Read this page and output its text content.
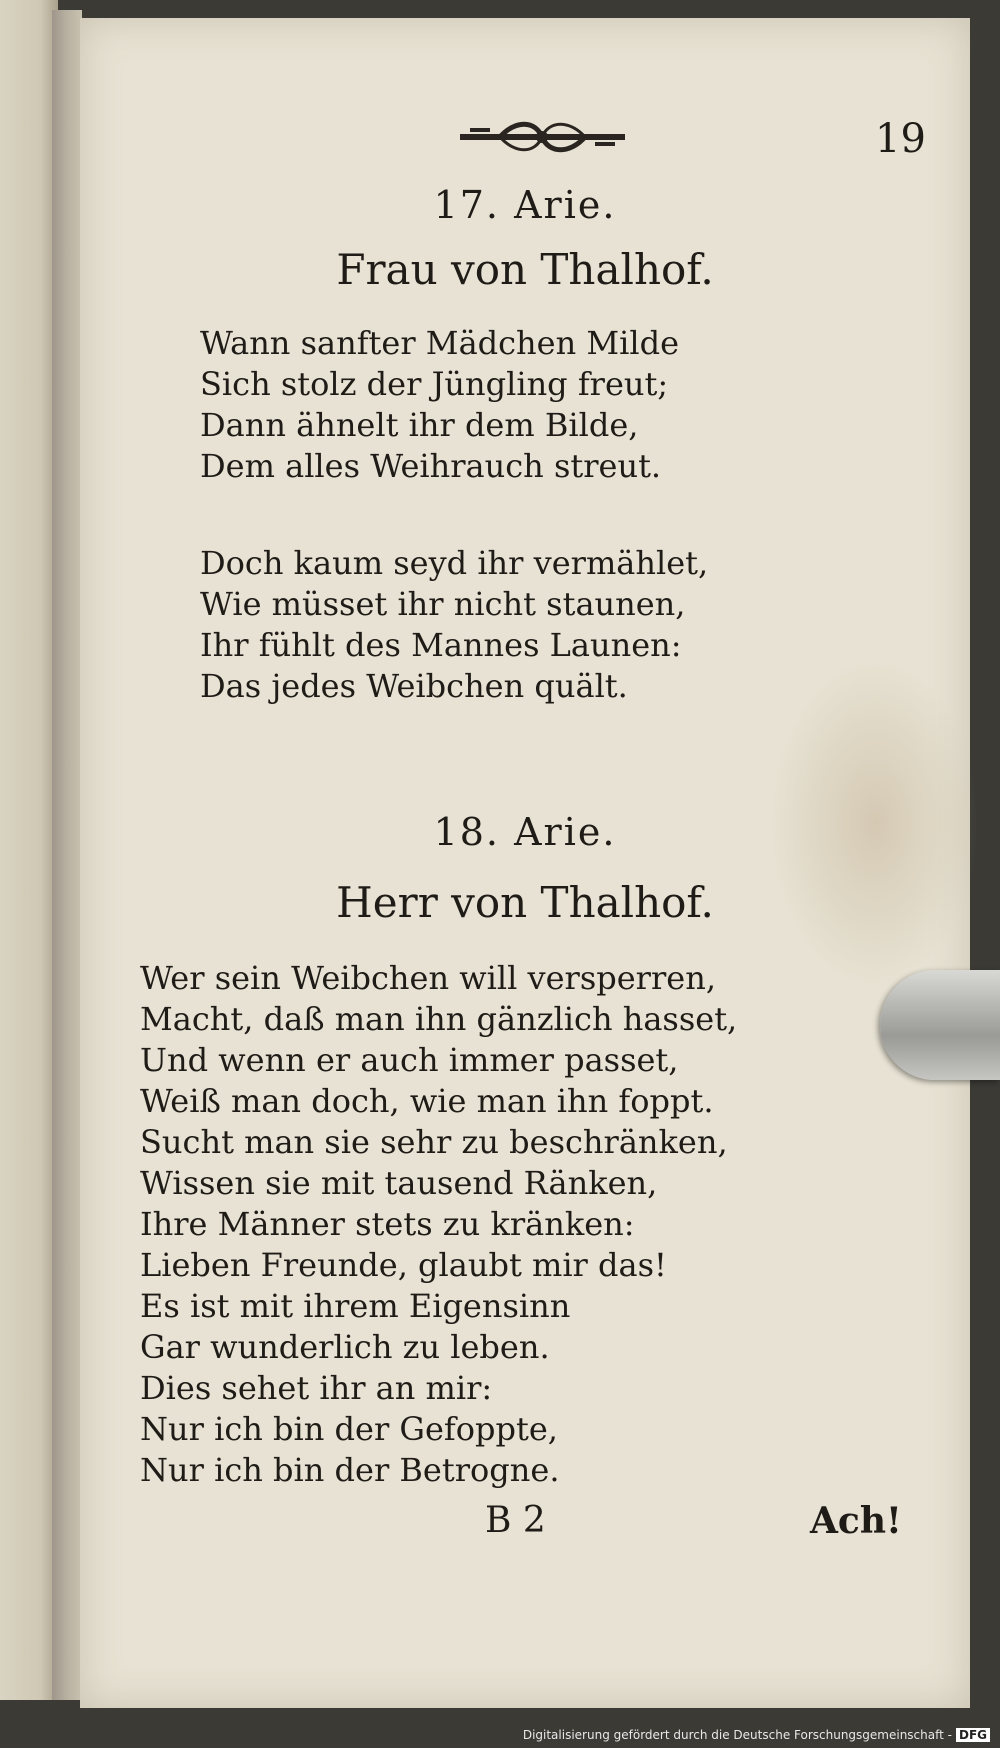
19
17. Arie.
Frau von Thalhof.
Wann sanfter Mädchen Milde
Sich stolz der Jüngling freut;
Dann ähnelt ihr dem Bilde,
Dem alles Weihrauch streut.
Doch kaum seyd ihr vermählet,
Wie müsset ihr nicht staunen,
Ihr fühlt des Mannes Launen:
Das jedes Weibchen quält.
18. Arie.
Herr von Thalhof.
Wer sein Weibchen will versperren,
Macht, daß man ihn gänzlich hasset,
Und wenn er auch immer passet,
Weiß man doch, wie man ihn foppt.
Sucht man sie sehr zu beschränken,
Wissen sie mit tausend Ränken,
Ihre Männer stets zu kränken:
Lieben Freunde, glaubt mir das!
Es ist mit ihrem Eigensinn
Gar wunderlich zu leben.
Dies sehet ihr an mir:
Nur ich bin der Gefoppte,
Nur ich bin der Betrogne.
B 2	Ach!
Digitalisierung gefördert durch die Deutsche Forschungsgemeinschaft - DFG
